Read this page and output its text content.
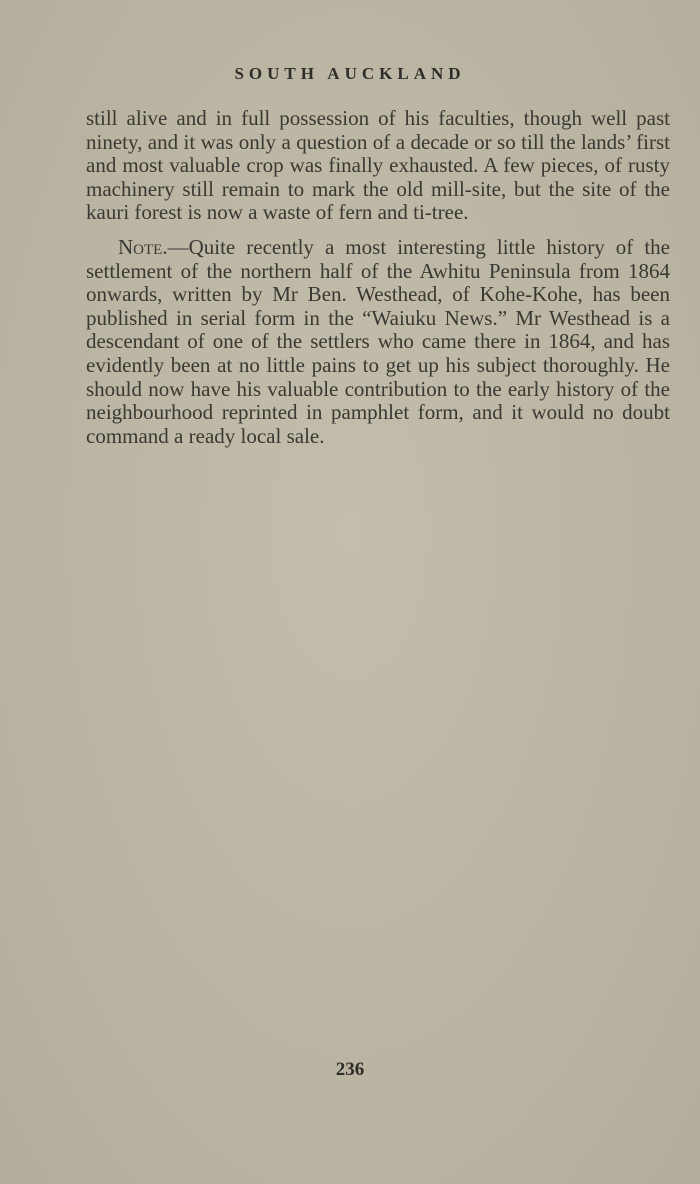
SOUTH AUCKLAND

still alive and in full possession of his faculties, though well past ninety, and it was only a question of a decade or so till the lands’ first and most valuable crop was finally exhausted. A few pieces, of rusty machinery still remain to mark the old mill-site, but the site of the kauri forest is now a waste of fern and ti-tree.

Note.—Quite recently a most interesting little history of the settlement of the northern half of the Awhitu Peninsula from 1864 onwards, written by Mr Ben. Westhead, of Kohe-Kohe, has been published in serial form in the “Waiuku News.” Mr Westhead is a descendant of one of the settlers who came there in 1864, and has evidently been at no little pains to get up his subject thoroughly. He should now have his valuable contribution to the early history of the neighbourhood reprinted in pamphlet form, and it would no doubt command a ready local sale.

236
